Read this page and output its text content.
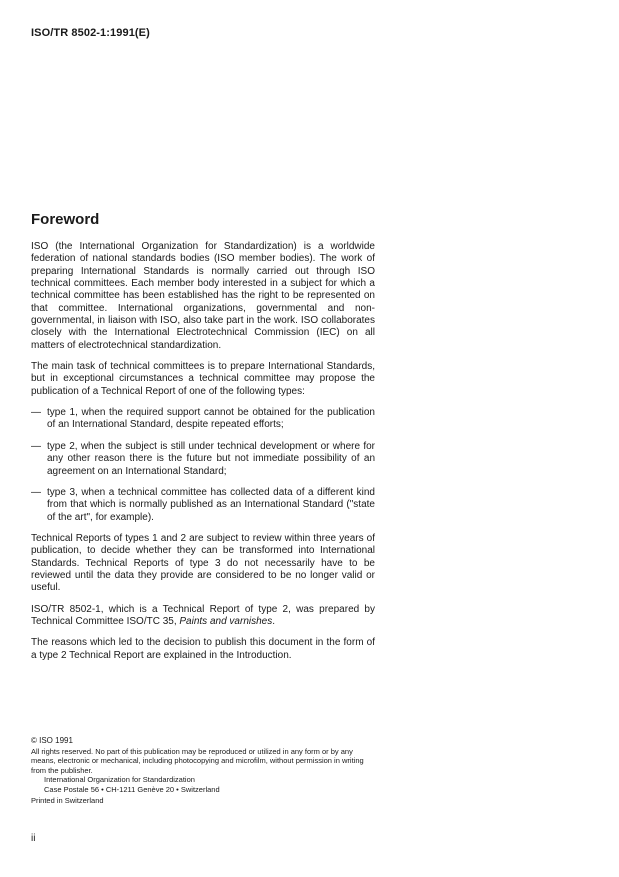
ISO/TR 8502-1:1991(E)
Foreword

ISO (the International Organization for Standardization) is a worldwide federation of national standards bodies (ISO member bodies). The work of preparing International Standards is normally carried out through ISO technical committees. Each member body interested in a subject for which a technical committee has been established has the right to be represented on that committee. International organizations, governmental and non-governmental, in liaison with ISO, also take part in the work. ISO collaborates closely with the International Electrotechnical Commission (IEC) on all matters of electrotechnical standardization.

The main task of technical committees is to prepare International Standards, but in exceptional circumstances a technical committee may propose the publication of a Technical Report of one of the following types:

— type 1, when the required support cannot be obtained for the publication of an International Standard, despite repeated efforts;
— type 2, when the subject is still under technical development or where for any other reason there is the future but not immediate possibility of an agreement on an International Standard;
— type 3, when a technical committee has collected data of a different kind from that which is normally published as an International Standard ("state of the art", for example).

Technical Reports of types 1 and 2 are subject to review within three years of publication, to decide whether they can be transformed into International Standards. Technical Reports of type 3 do not necessarily have to be reviewed until the data they provide are considered to be no longer valid or useful.

ISO/TR 8502-1, which is a Technical Report of type 2, was prepared by Technical Committee ISO/TC 35, Paints and varnishes.

The reasons which led to the decision to publish this document in the form of a type 2 Technical Report are explained in the Introduction.

© ISO 1991
All rights reserved. No part of this publication may be reproduced or utilized in any form or by any means, electronic or mechanical, including photocopying and microfilm, without permission in writing from the publisher.
International Organization for Standardization
Case Postale 56 • CH-1211 Genève 20 • Switzerland
Printed in Switzerland
ii
